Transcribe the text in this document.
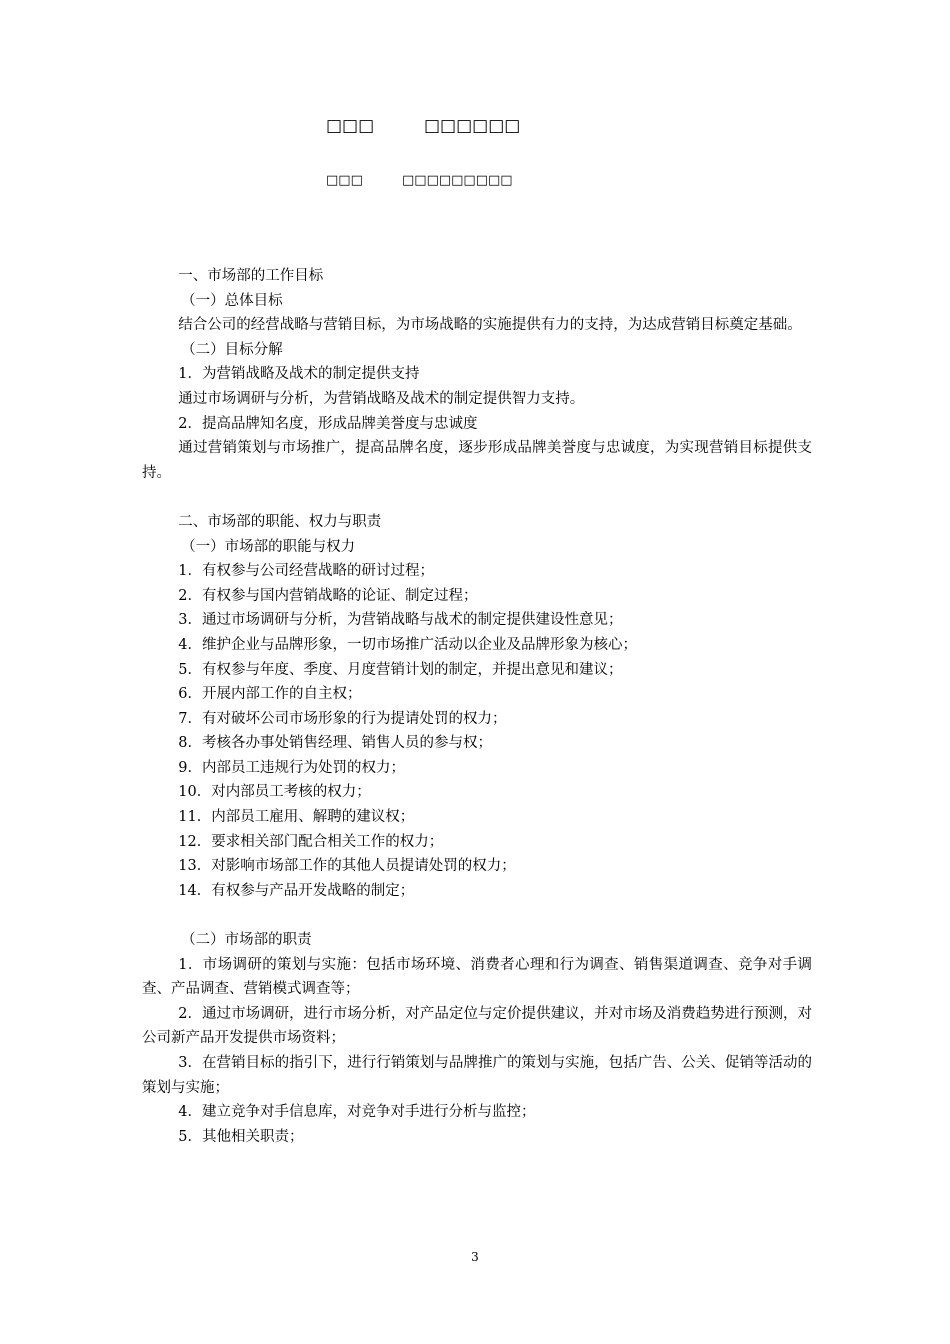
□□□	□□□□□□
□□□	□□□□□□□□□

一、市场部的工作目标

（一）总体目标

结合公司的经营战略与营销目标，为市场战略的实施提供有力的支持，为达成营销目标奠定基础。

（二）目标分解

1．为营销战略及战术的制定提供支持

通过市场调研与分析，为营销战略及战术的制定提供智力支持。

2．提高品牌知名度，形成品牌美誉度与忠诚度

通过营销策划与市场推广，提高品牌名度，逐步形成品牌美誉度与忠诚度，为实现营销目标提供支持。

二、市场部的职能、权力与职责

（一）市场部的职能与权力

1．有权参与公司经营战略的研讨过程；

2．有权参与国内营销战略的论证、制定过程；

3．通过市场调研与分析，为营销战略与战术的制定提供建设性意见；

4．维护企业与品牌形象，一切市场推广活动以企业及品牌形象为核心；

5．有权参与年度、季度、月度营销计划的制定，并提出意见和建议；

6．开展内部工作的自主权；

7．有对破坏公司市场形象的行为提请处罚的权力；

8．考核各办事处销售经理、销售人员的参与权；

9．内部员工违规行为处罚的权力；

10．对内部员工考核的权力；

11．内部员工雇用、解聘的建议权；

12．要求相关部门配合相关工作的权力；

13．对影响市场部工作的其他人员提请处罚的权力；

14．有权参与产品开发战略的制定；

（二）市场部的职责

1．市场调研的策划与实施：包括市场环境、消费者心理和行为调查、销售渠道调查、竞争对手调查、产品调查、营销模式调查等；

2．通过市场调研，进行市场分析，对产品定位与定价提供建议，并对市场及消费趋势进行预测，对公司新产品开发提供市场资料；

3．在营销目标的指引下，进行行销策划与品牌推广的策划与实施，包括广告、公关、促销等活动的策划与实施；

4．建立竞争对手信息库，对竞争对手进行分析与监控；

5．其他相关职责；

3
